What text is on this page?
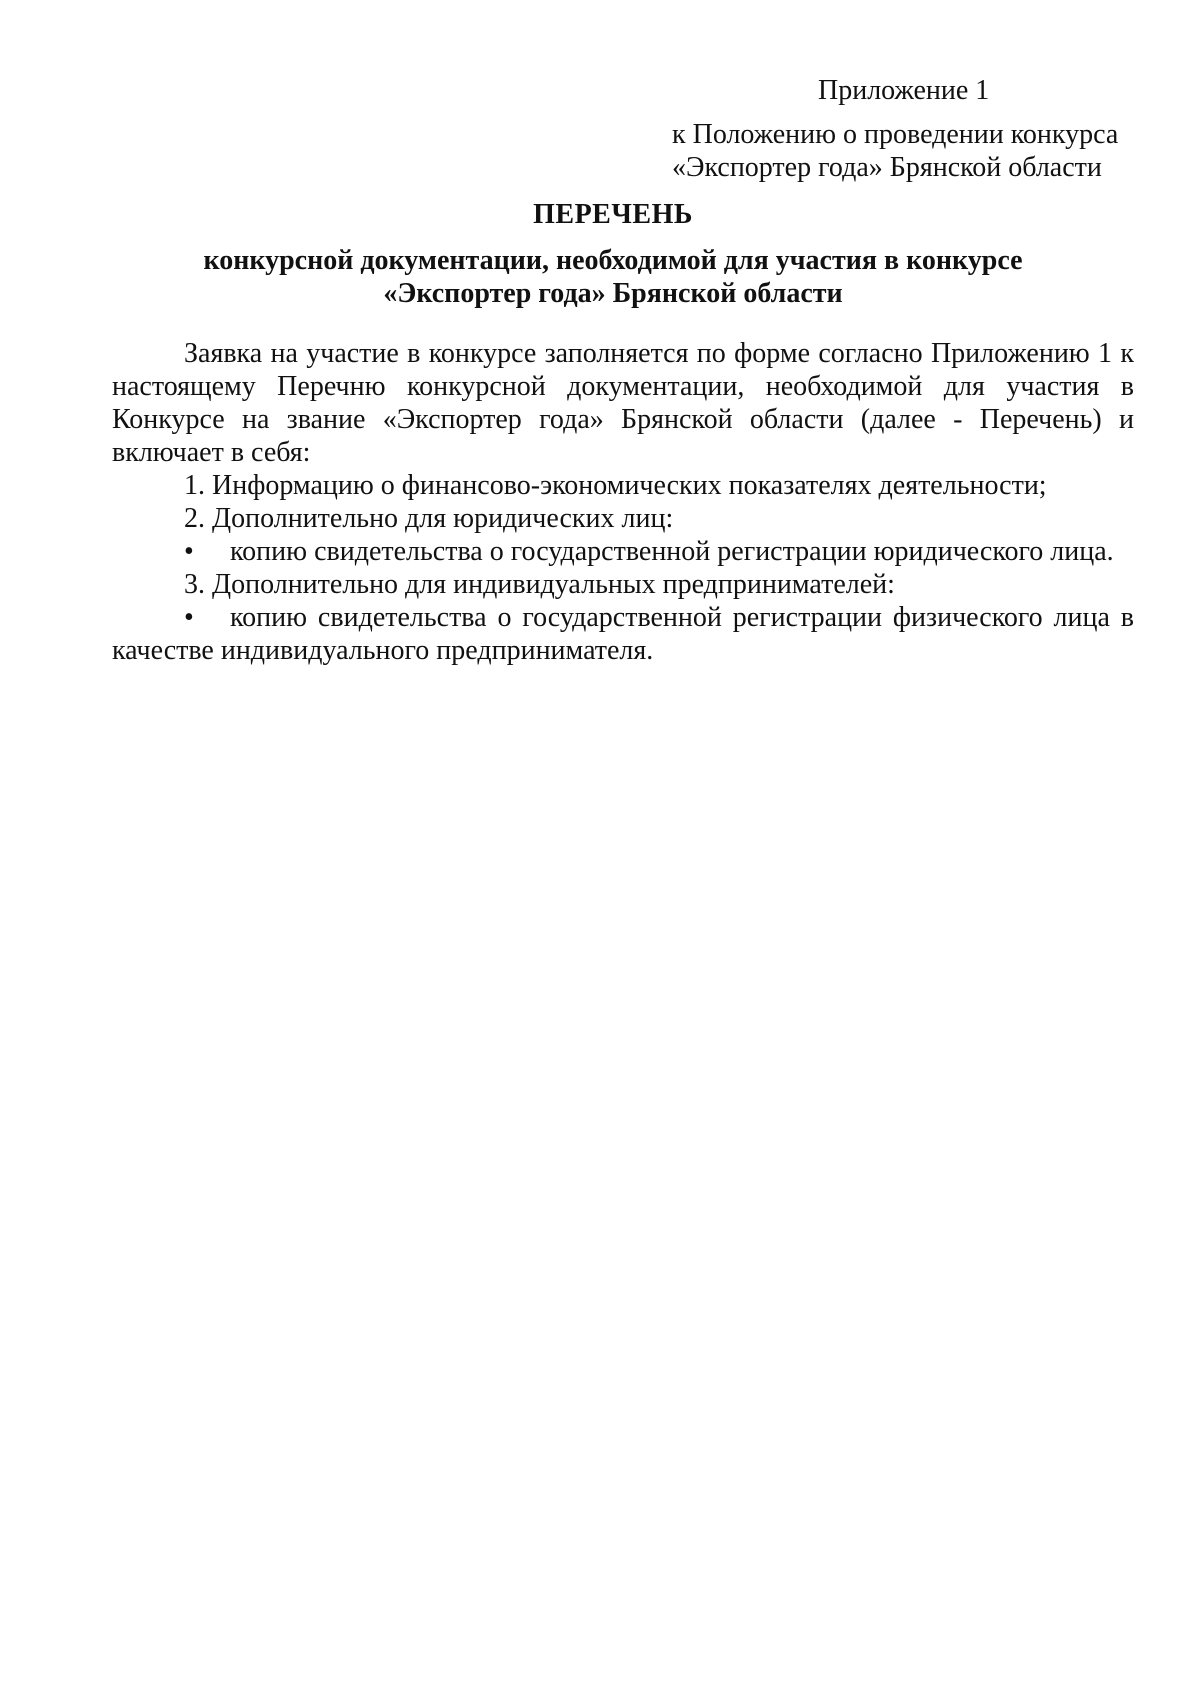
Приложение 1
к Положению о проведении конкурса
«Экспортер года» Брянской области
ПЕРЕЧЕНЬ
конкурсной документации, необходимой для участия в конкурсе
«Экспортер года» Брянской области

Заявка на участие в конкурсе заполняется по форме согласно Приложению 1 к настоящему Перечню конкурсной документации, необходимой для участия в Конкурсе на звание «Экспортер года» Брянской области (далее - Перечень) и включает в себя:

1. Информацию о финансово-экономических показателях деятельности;

2. Дополнительно для юридических лиц:

• копию свидетельства о государственной регистрации юридического лица.

3. Дополнительно для индивидуальных предпринимателей:

• копию свидетельства о государственной регистрации физического лица в качестве индивидуального предпринимателя.
